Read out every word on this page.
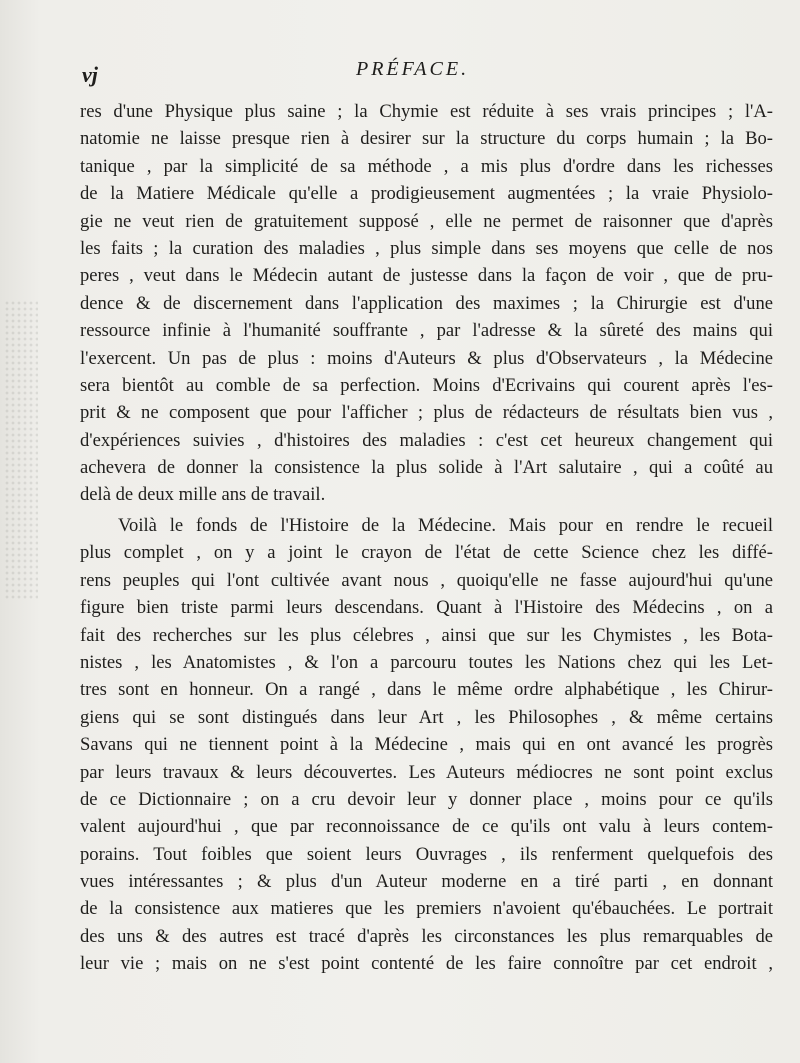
vj	PRÉFACE.
res d'une Physique plus saine ; la Chymie est réduite à ses vrais principes ; l'A-
natomie ne laisse presque rien à desirer sur la structure du corps humain ; la Bo-
tanique , par la simplicité de sa méthode , a mis plus d'ordre dans les richesses
de la Matiere Médicale qu'elle a prodigieusement augmentées ; la vraie Physiolo-
gie ne veut rien de gratuitement supposé , elle ne permet de raisonner que d'après
les faits ; la curation des maladies , plus simple dans ses moyens que celle de nos
peres , veut dans le Médecin autant de justesse dans la façon de voir , que de pru-
dence & de discernement dans l'application des maximes ; la Chirurgie est d'une
ressource infinie à l'humanité souffrante , par l'adresse & la sûreté des mains qui
l'exercent. Un pas de plus : moins d'Auteurs & plus d'Observateurs , la Médecine
sera bientôt au comble de sa perfection. Moins d'Ecrivains qui courent après l'es-
prit & ne composent que pour l'afficher ; plus de rédacteurs de résultats bien vus ,
d'expériences suivies , d'histoires des maladies : c'est cet heureux changement qui
achevera de donner la consistence la plus solide à l'Art salutaire , qui a coûté au
delà de deux mille ans de travail.
Voilà le fonds de l'Histoire de la Médecine. Mais pour en rendre le recueil
plus complet , on y a joint le crayon de l'état de cette Science chez les diffé-
rens peuples qui l'ont cultivée avant nous , quoiqu'elle ne fasse aujourd'hui qu'une
figure bien triste parmi leurs descendans. Quant à l'Histoire des Médecins , on a
fait des recherches sur les plus célebres , ainsi que sur les Chymistes , les Bota-
nistes , les Anatomistes , & l'on a parcouru toutes les Nations chez qui les Let-
tres sont en honneur. On a rangé , dans le même ordre alphabétique , les Chirur-
giens qui se sont distingués dans leur Art , les Philosophes , & même certains
Savans qui ne tiennent point à la Médecine , mais qui en ont avancé les progrès
par leurs travaux & leurs découvertes. Les Auteurs médiocres ne sont point exclus
de ce Dictionnaire ; on a cru devoir leur y donner place , moins pour ce qu'ils
valent aujourd'hui , que par reconnoissance de ce qu'ils ont valu à leurs contem-
porains. Tout foibles que soient leurs Ouvrages , ils renferment quelquefois des
vues intéressantes ; & plus d'un Auteur moderne en a tiré parti , en donnant
de la consistence aux matieres que les premiers n'avoient qu'ébauchées. Le portrait
des uns & des autres est tracé d'après les circonstances les plus remarquables de
leur vie ; mais on ne s'est point contenté de les faire connoître par cet endroit ,
